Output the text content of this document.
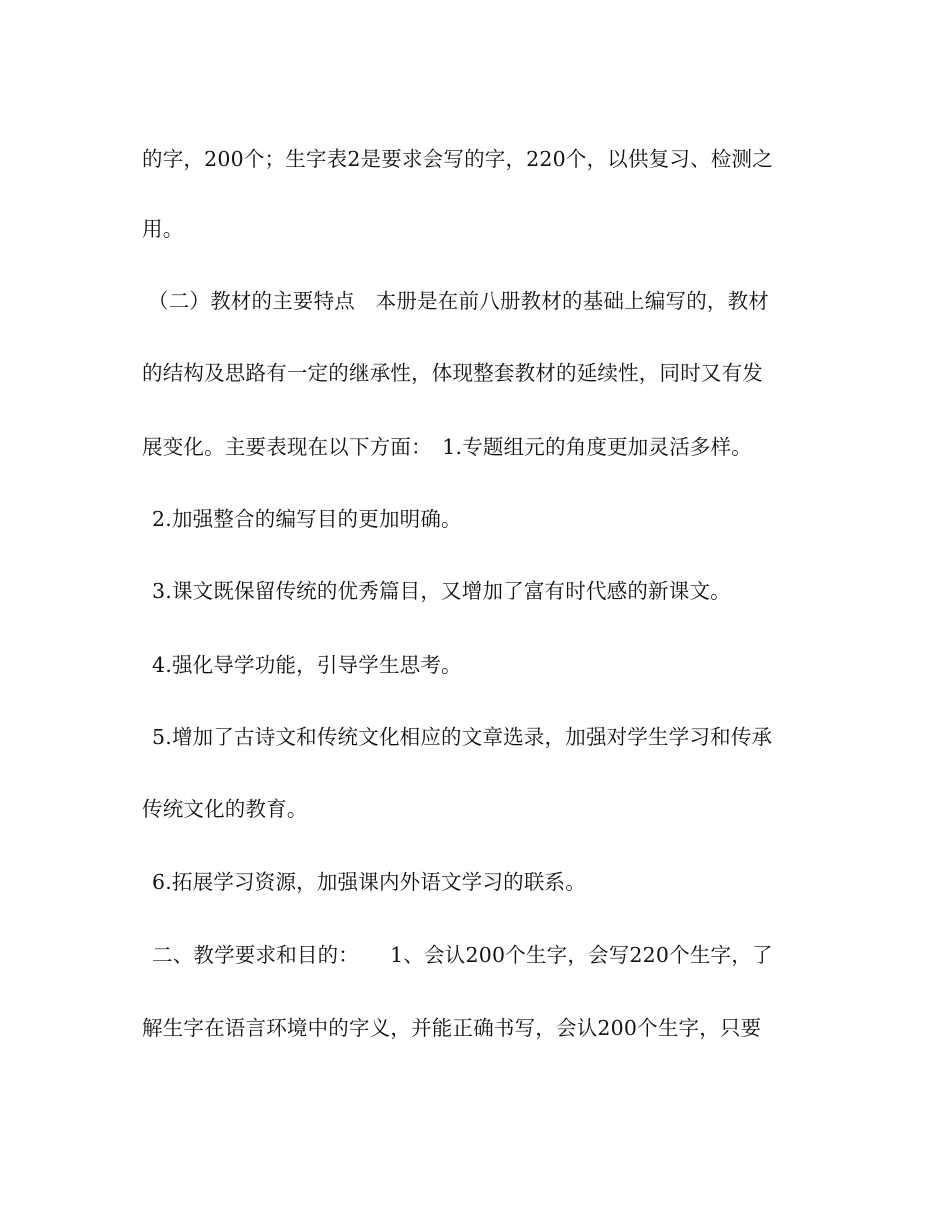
的字，200个；生字表2是要求会写的字，220个，以供复习、检测之
用。
（二）教材的主要特点　本册是在前八册教材的基础上编写的，教材
的结构及思路有一定的继承性，体现整套教材的延续性，同时又有发
展变化。主要表现在以下方面：　1.专题组元的角度更加灵活多样。
2.加强整合的编写目的更加明确。
3.课文既保留传统的优秀篇目，又增加了富有时代感的新课文。
4.强化导学功能，引导学生思考。
5.增加了古诗文和传统文化相应的文章选录，加强对学生学习和传承
传统文化的教育。
6.拓展学习资源，加强课内外语文学习的联系。
二、教学要求和目的：　　1、会认200个生字，会写220个生字，了
解生字在语言环境中的字义，并能正确书写，会认200个生字，只要
